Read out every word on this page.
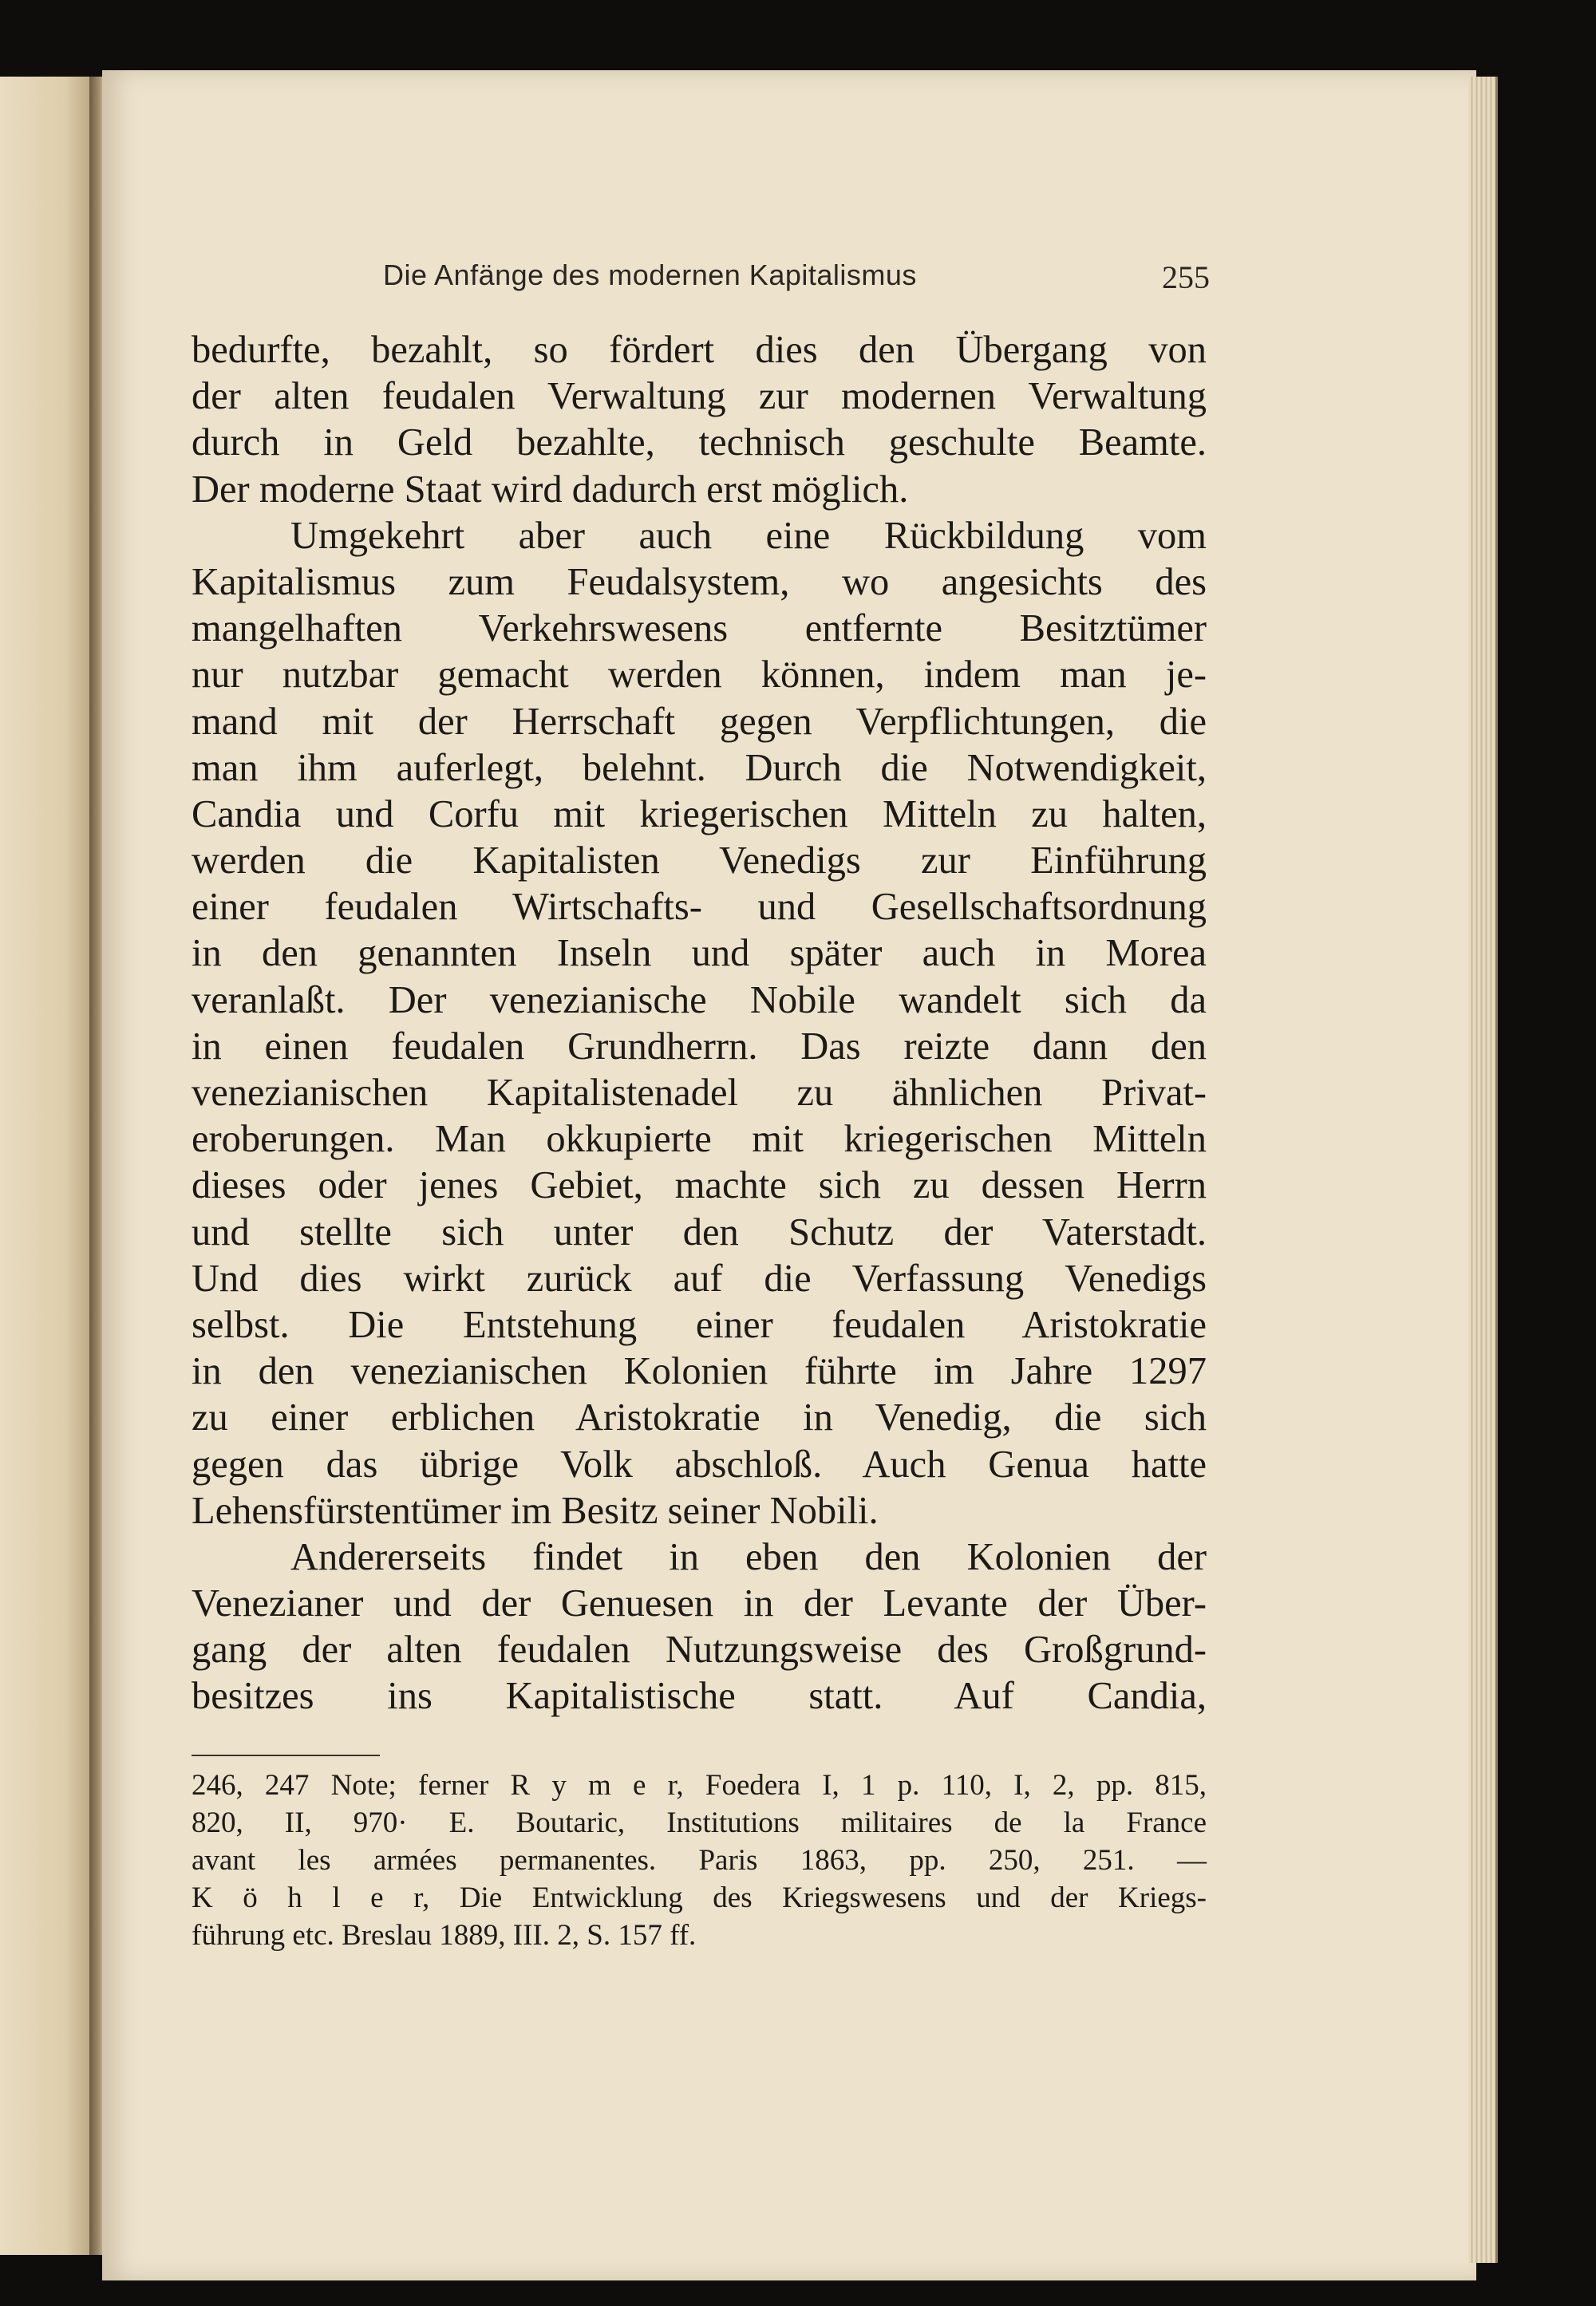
Die Anfänge des modernen Kapitalismus	255
bedurfte, bezahlt, so fördert dies den Übergang von
der alten feudalen Verwaltung zur modernen Verwaltung
durch in Geld bezahlte, technisch geschulte Beamte.
Der moderne Staat wird dadurch erst möglich.
Umgekehrt aber auch eine Rückbildung vom
Kapitalismus zum Feudalsystem, wo angesichts des
mangelhaften Verkehrswesens entfernte Besitztümer
nur nutzbar gemacht werden können, indem man je-
mand mit der Herrschaft gegen Verpflichtungen, die
man ihm auferlegt, belehnt. Durch die Notwendigkeit,
Candia und Corfu mit kriegerischen Mitteln zu halten,
werden die Kapitalisten Venedigs zur Einführung
einer feudalen Wirtschafts- und Gesellschaftsordnung
in den genannten Inseln und später auch in Morea
veranlaßt. Der venezianische Nobile wandelt sich da
in einen feudalen Grundherrn. Das reizte dann den
venezianischen Kapitalistenadel zu ähnlichen Privat-
eroberungen. Man okkupierte mit kriegerischen Mitteln
dieses oder jenes Gebiet, machte sich zu dessen Herrn
und stellte sich unter den Schutz der Vaterstadt.
Und dies wirkt zurück auf die Verfassung Venedigs
selbst. Die Entstehung einer feudalen Aristokratie
in den venezianischen Kolonien führte im Jahre 1297
zu einer erblichen Aristokratie in Venedig, die sich
gegen das übrige Volk abschloß. Auch Genua hatte
Lehensfürstentümer im Besitz seiner Nobili.
Andererseits findet in eben den Kolonien der
Venezianer und der Genuesen in der Levante der Über-
gang der alten feudalen Nutzungsweise des Großgrund-
besitzes ins Kapitalistische statt. Auf Candia,
246, 247 Note; ferner R y m e r, Foedera I, 1 p. 110, I, 2, pp. 815,
820, II, 970· E. Boutaric, Institutions militaires de la France
avant les armées permanentes. Paris 1863, pp. 250, 251. —
K ö h l e r, Die Entwicklung des Kriegswesens und der Kriegs-
führung etc. Breslau 1889, III. 2, S. 157 ff.
